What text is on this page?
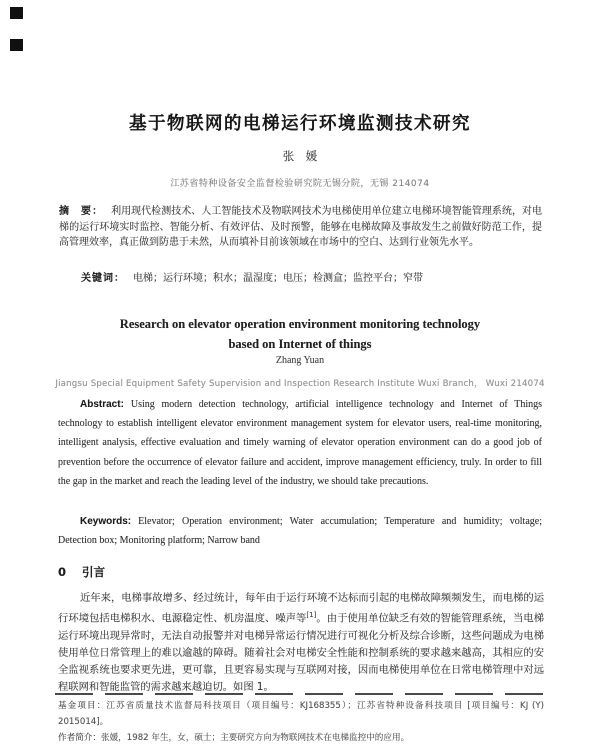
基于物联网的电梯运行环境监测技术研究
张　媛
江苏省特种设备安全监督检验研究院无锡分院，无锡 214074

摘　要： 利用现代检测技术、人工智能技术及物联网技术为电梯使用单位建立电梯环境智能管理系统，对电梯的运行环境实时监控、智能分析、有效评估、及时预警，能够在电梯故障及事故发生之前做好防范工作，提高管理效率，真正做到防患于未然，从而填补目前该领域在市场中的空白、达到行业领先水平。

关键词： 电梯；运行环境；积水；温湿度；电压；检测盒；监控平台；窄带

Research on elevator operation environment monitoring technology
based on Internet of things
Zhang Yuan
Jiangsu Special Equipment Safety Supervision and Inspection Research Institute Wuxi Branch， Wuxi 214074

Abstract: Using modern detection technology, artificial intelligence technology and Internet of Things technology to establish intelligent elevator environment management system for elevator users, real-time monitoring, intelligent analysis, effective evaluation and timely warning of elevator operation environment can do a good job of prevention before the occurrence of elevator failure and accident, improve management efficiency, truly. In order to fill the gap in the market and reach the leading level of the industry, we should take precautions.

Keywords: Elevator; Operation environment; Water accumulation; Temperature and humidity; voltage; Detection box; Monitoring platform; Narrow band

0 引言

近年来，电梯事故增多、经过统计，每年由于运行环境不达标而引起的电梯故障频频发生，而电梯的运行环境包括电梯积水、电源稳定性、机房温度、噪声等[1]。由于使用单位缺乏有效的智能管理系统，当电梯运行环境出现异常时，无法自动报警并对电梯异常运行情况进行可视化分析及综合诊断，这些问题成为电梯使用单位日常管理上的难以逾越的障碍。随着社会对电梯安全性能和控制系统的要求越来越高，其相应的安全监视系统也要求更先进，更可靠，且更容易实现与互联网对接，因而电梯使用单位在日常电梯管理中对远程联网和智能监管的需求越来越迫切。如图 1。

基金项目：江苏省质量技术监督局科技项目（项目编号：KJ168355）；江苏省特种设备科技项目 [项目编号：KJ (Y) 2015014]。

作者简介：张媛，1982 年生，女，硕士；主要研究方向为物联网技术在电梯监控中的应用。
